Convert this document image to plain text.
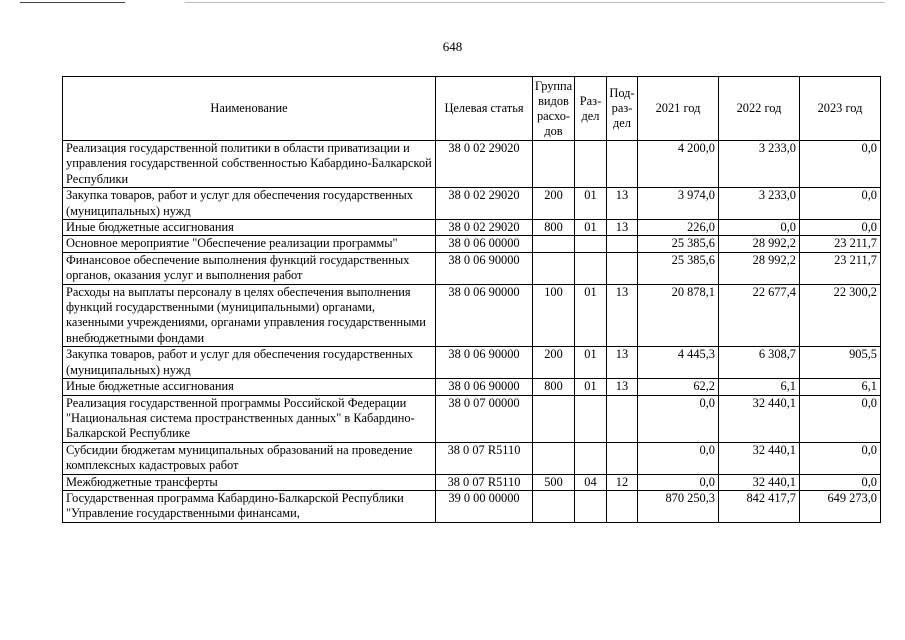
648
Наименование	Целевая статья	Группа видов расхо-дов	Раз-дел	Под-раз-дел	2021 год	2022 год	2023 год
Реализация государственной политики в области приватизации и управления государственной собственностью Кабардино-Балкарской Республики	38 0 02 29020				4 200,0	3 233,0	0,0
Закупка товаров, работ и услуг для обеспечения государственных (муниципальных) нужд	38 0 02 29020	200	01	13	3 974,0	3 233,0	0,0
Иные бюджетные ассигнования	38 0 02 29020	800	01	13	226,0	0,0	0,0
Основное мероприятие "Обеспечение реализации программы"	38 0 06 00000				25 385,6	28 992,2	23 211,7
Финансовое обеспечение выполнения функций государственных органов, оказания услуг и выполнения работ	38 0 06 90000				25 385,6	28 992,2	23 211,7
Расходы на выплаты персоналу в целях обеспечения выполнения функций государственными (муниципальными) органами, казенными учреждениями, органами управления государственными внебюджетными фондами	38 0 06 90000	100	01	13	20 878,1	22 677,4	22 300,2
Закупка товаров, работ и услуг для обеспечения государственных (муниципальных) нужд	38 0 06 90000	200	01	13	4 445,3	6 308,7	905,5
Иные бюджетные ассигнования	38 0 06 90000	800	01	13	62,2	6,1	6,1
Реализация государственной программы Российской Федерации "Национальная система пространственных данных" в Кабардино-Балкарской Республике	38 0 07 00000				0,0	32 440,1	0,0
Субсидии бюджетам муниципальных образований на проведение комплексных кадастровых работ	38 0 07 R5110				0,0	32 440,1	0,0
Межбюджетные трансферты	38 0 07 R5110	500	04	12	0,0	32 440,1	0,0
Государственная программа Кабардино-Балкарской Республики "Управление государственными финансами,	39 0 00 00000				870 250,3	842 417,7	649 273,0
